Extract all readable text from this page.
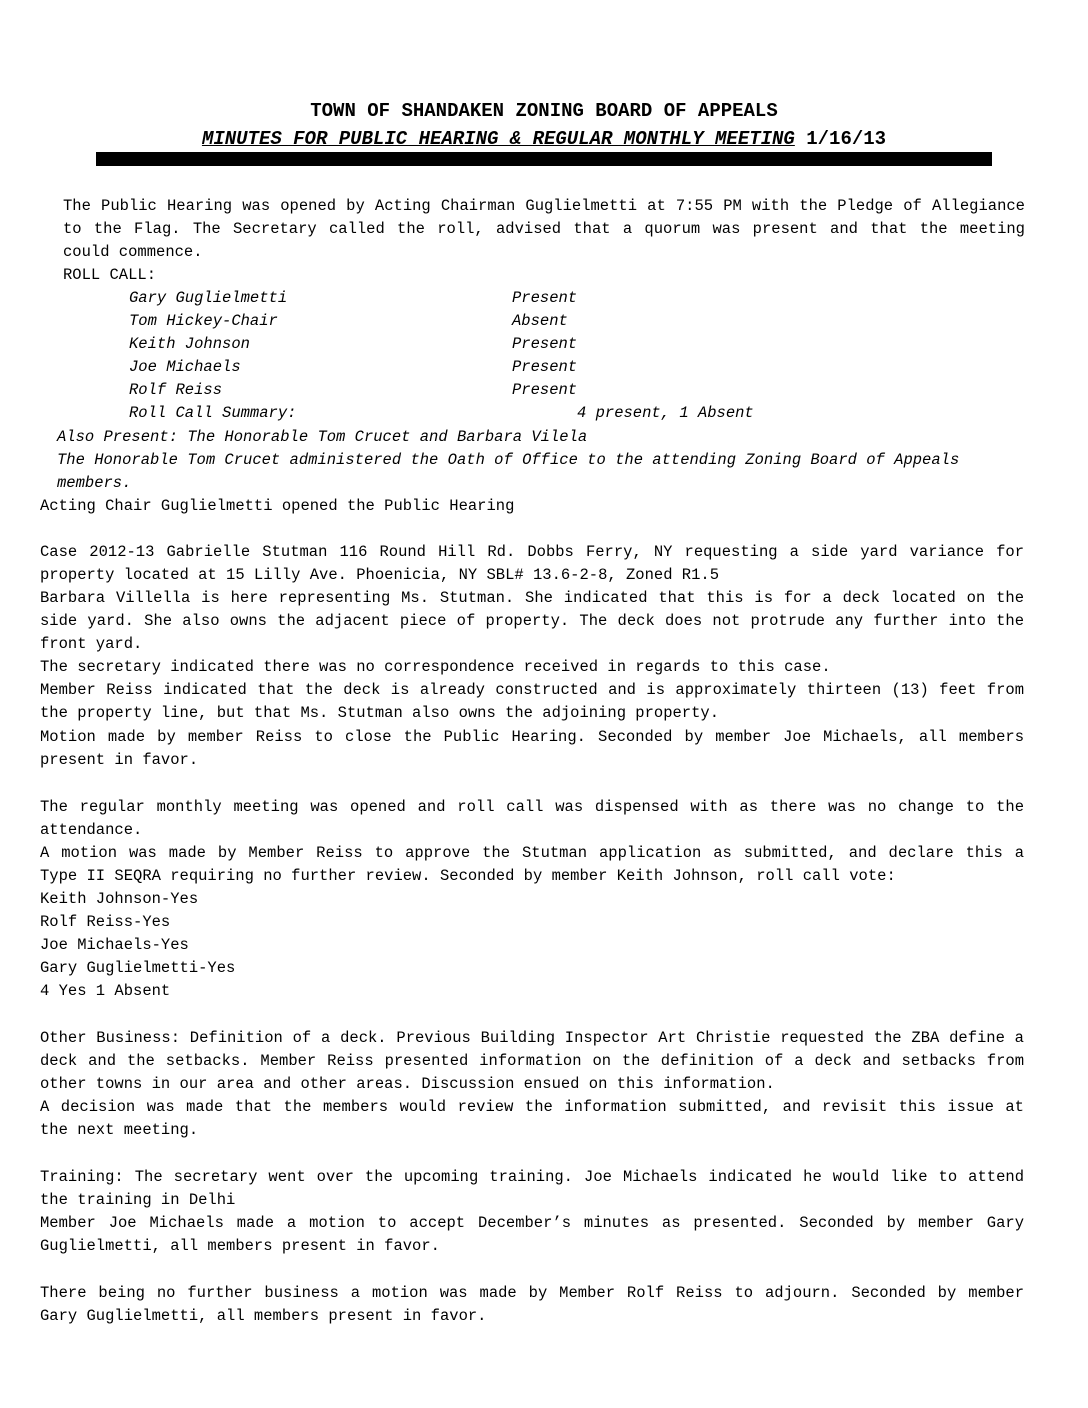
TOWN OF SHANDAKEN ZONING BOARD OF APPEALS
MINUTES FOR PUBLIC HEARING & REGULAR MONTHLY MEETING 1/16/13
The Public Hearing was opened by Acting Chairman Guglielmetti at 7:55 PM with the Pledge of Allegiance to the Flag. The Secretary called the roll, advised that a quorum was present and that the meeting could commence.
ROLL CALL:
Gary Guglielmetti	Present
Tom Hickey-Chair	Absent
Keith Johnson	Present
Joe Michaels	Present
Rolf Reiss	Present
Roll Call Summary:	4 present, 1 Absent
Also Present: The Honorable Tom Crucet and Barbara Vilela
The Honorable Tom Crucet administered the Oath of Office to the attending Zoning Board of Appeals members.
Acting Chair Guglielmetti opened the Public Hearing
Case 2012-13 Gabrielle Stutman 116 Round Hill Rd. Dobbs Ferry, NY requesting a side yard variance for property located at 15 Lilly Ave. Phoenicia, NY SBL# 13.6-2-8, Zoned R1.5
Barbara Villella is here representing Ms. Stutman. She indicated that this is for a deck located on the side yard. She also owns the adjacent piece of property. The deck does not protrude any further into the front yard.
The secretary indicated there was no correspondence received in regards to this case.
Member Reiss indicated that the deck is already constructed and is approximately thirteen (13) feet from the property line, but that Ms. Stutman also owns the adjoining property.
Motion made by member Reiss to close the Public Hearing. Seconded by member Joe Michaels, all members present in favor.
The regular monthly meeting was opened and roll call was dispensed with as there was no change to the attendance.
A motion was made by Member Reiss to approve the Stutman application as submitted, and declare this a Type II SEQRA requiring no further review. Seconded by member Keith Johnson, roll call vote:
Keith Johnson-Yes
Rolf Reiss-Yes
Joe Michaels-Yes
Gary Guglielmetti-Yes
4 Yes 1 Absent
Other Business: Definition of a deck. Previous Building Inspector Art Christie requested the ZBA define a deck and the setbacks. Member Reiss presented information on the definition of a deck and setbacks from other towns in our area and other areas. Discussion ensued on this information.
A decision was made that the members would review the information submitted, and revisit this issue at the next meeting.
Training: The secretary went over the upcoming training. Joe Michaels indicated he would like to attend the training in Delhi
Member Joe Michaels made a motion to accept December’s minutes as presented. Seconded by member Gary Guglielmetti, all members present in favor.
There being no further business a motion was made by Member Rolf Reiss to adjourn. Seconded by member Gary Guglielmetti, all members present in favor.
